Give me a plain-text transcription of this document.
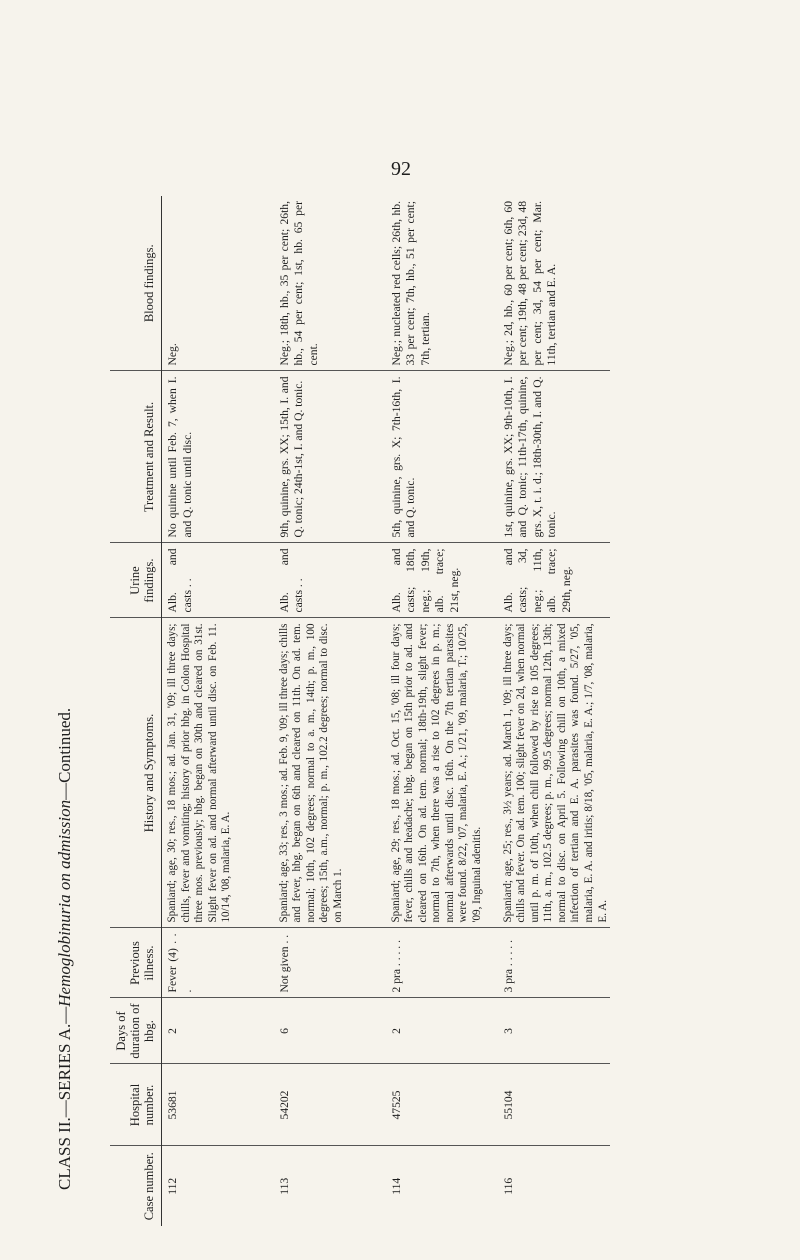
92
CLASS II.—SERIES A.—Hemoglobinuria on admission—Continued.
Case number.	Hospital number.	Days of duration of hbg.	Previous illness.	History and Symptoms.	Urine findings.	Treatment and Result.	Blood findings.
112	53681	2	Fever (4) . . .	Spaniard; age, 30; res., 18 mos.; ad. Jan. 31, '09; ill three days; chills, fever and vomiting; history of prior hbg. in Colon Hospital three mos. previously; hbg. began on 30th and cleared on 31st. Slight fever on ad. and normal afterward until disc. on Feb. 11. 10/14, '08, malaria, E. A.	Alb. and casts . .	No quinine until Feb. 7, when I. and Q. tonic until disc.	Neg.
113	54202	6	Not given . .	Spaniard; age, 33; res., 3 mos.; ad. Feb. 9, '09; ill three days; chills and fever, hbg. began on 6th and cleared on 11th. On ad. tem. normal; 10th, 102 degrees; normal to a. m., 14th; p. m., 100 degrees; 15th, a.m., normal; p. m., 102.2 degrees; normal to disc. on March 1.	Alb. and casts . .	9th, quinine, grs. XX; 15th, I. and Q. tonic; 24th-1st, I. and Q. tonic.	Neg.; 18th, hb., 35 per cent; 26th, hb., 54 per cent; 1st, hb. 65 per cent.
114	47525	2	2 pra . . . . .	Spaniard; age, 29; res., 18 mos.; ad. Oct. 15, '08; ill four days; fever, chills and headache; hbg. began on 15th prior to ad. and cleared on 16th. On ad. tem. normal; 18th-19th, slight fever; normal to 7th, when there was a rise to 102 degrees in p. m.; normal afterwards until disc. 16th. On the 7th tertian parasites were found. 8/22, '07, malaria, E. A.; 1/21, '09, malaria, T.; 10/25, '09, Inguinal adenitis.	Alb. and casts; 18th, neg.; 19th, alb. trace; 21st, neg.	5th, quinine, grs. X; 7th-16th, I. and Q. tonic.	Neg.; nucleated red cells; 26th, hb. 33 per cent; 7th, hb., 51 per cent; 7th, tertian.
116	55104	3	3 pra . . . . .	Spaniard; age, 25; res., 3½ years; ad. March 1, '09; ill three days; chills and fever. On ad. tem. 100; slight fever on 2d, when normal until p. m. of 10th, when chill followed by rise to 105 degrees; 11th, a. m., 102.5 degrees; p. m., 99.5 degrees; normal 12th, 13th; normal to disc. on April 5. Following chill on 10th, a mixed infection of tertian and E. A. parasites was found. 5/27, '05, malaria, E. A. and iritis; 8/18, '05, malaria, E. A.; 1/7, '08, malaria, E. A.	Alb. and casts; 3d, neg.; 11th, alb. trace; 29th, neg.	1st, quinine, grs. XX; 9th-10th, I. and Q. tonic; 11th-17th, quinine, grs. X, t. i. d.; 18th-30th, I. and Q. tonic.	Neg.; 2d, hb., 60 per cent; 6th, 60 per cent; 19th, 48 per cent; 23d, 48 per cent; 3d, 54 per cent; Mar. 11th, tertian and E. A.
